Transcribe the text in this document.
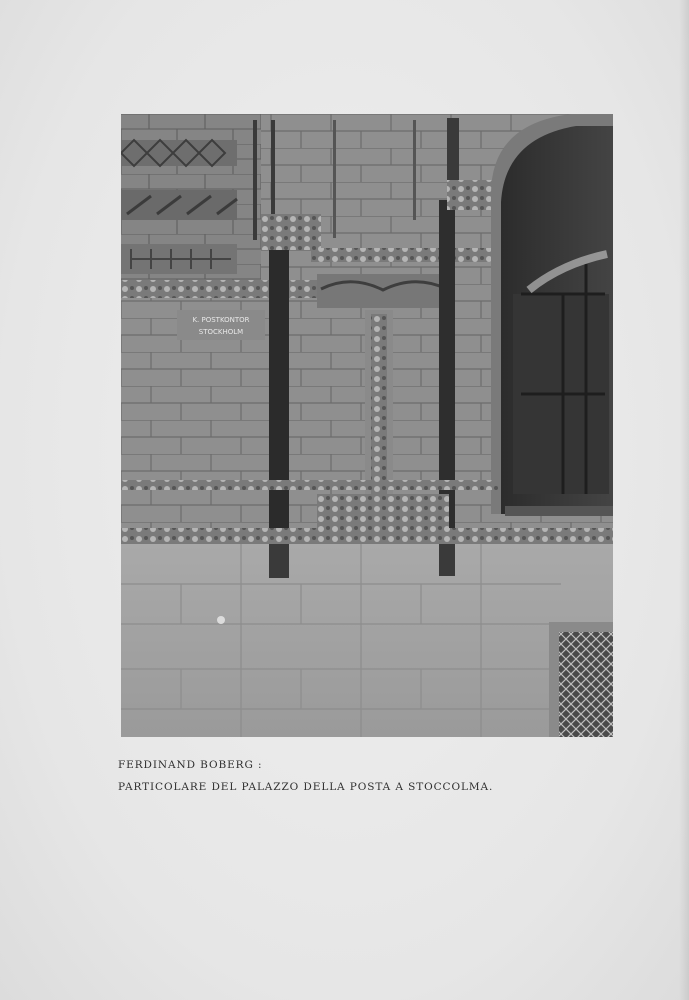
K. POSTKONTOR
STOCKHOLM
FERDINAND BOBERG :
PARTICOLARE DEL PALAZZO DELLA POSTA A STOCCOLMA.
